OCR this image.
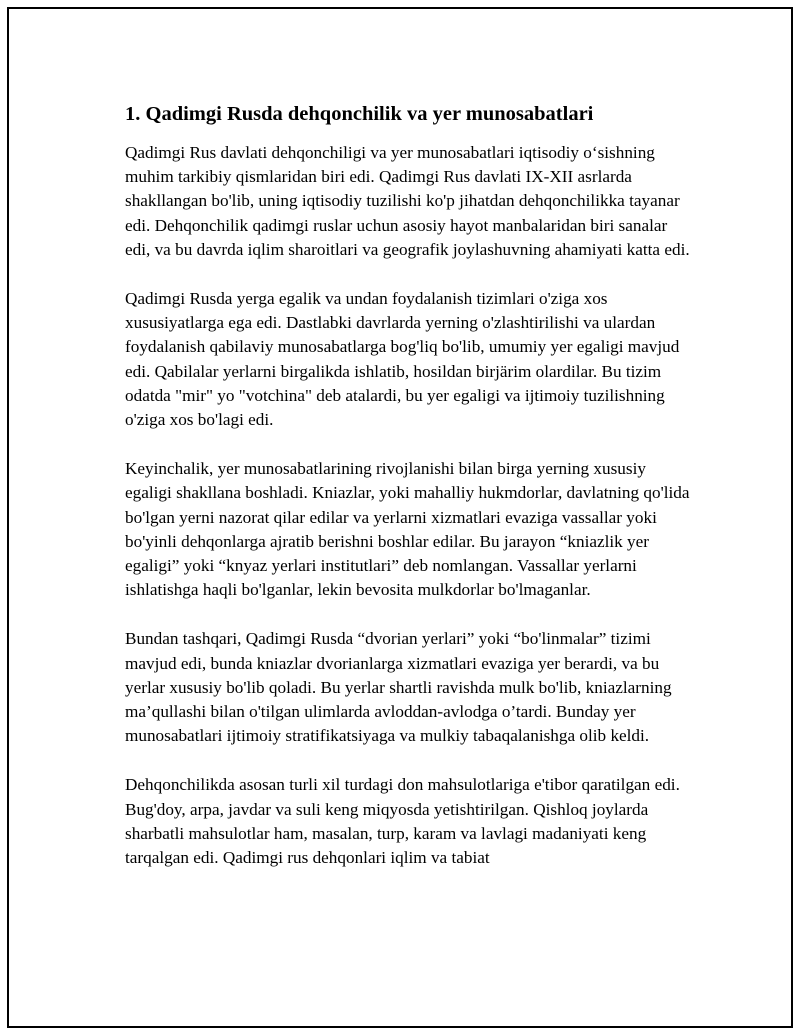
1. Qadimgi Rusda dehqonchilik va yer munosabatlari

Qadimgi Rus davlati dehqonchiligi va yer munosabatlari iqtisodiy o‘sishning muhim tarkibiy qismlaridan biri edi. Qadimgi Rus davlati IX-XII asrlarda shakllangan bo'lib, uning iqtisodiy tuzilishi ko'p jihatdan dehqonchilikka tayanar edi. Dehqonchilik qadimgi ruslar uchun asosiy hayot manbalaridan biri sanalar edi, va bu davrda iqlim sharoitlari va geografik joylashuvning ahamiyati katta edi.

Qadimgi Rusda yerga egalik va undan foydalanish tizimlari o'ziga xos xususiyatlarga ega edi. Dastlabki davrlarda yerning o'zlashtirilishi va ulardan foydalanish qabilaviy munosabatlarga bog'liq bo'lib, umumiy yer egaligi mavjud edi. Qabilalar yerlarni birgalikda ishlatib, hosildan birjärim olardilar. Bu tizim odatda "mir" yo "votchina" deb atalardi, bu yer egaligi va ijtimoiy tuzilishning o'ziga xos bo'lagi edi.

Keyinchalik, yer munosabatlarining rivojlanishi bilan birga yerning xususiy egaligi shakllana boshladi. Kniazlar, yoki mahalliy hukmdorlar, davlatning qo'lida bo'lgan yerni nazorat qilar edilar va yerlarni xizmatlari evaziga vassallar yoki bo'yinli dehqonlarga ajratib berishni boshlar edilar. Bu jarayon “kniazlik yer egaligi” yoki “knyaz yerlari institutlari” deb nomlangan. Vassallar yerlarni ishlatishga haqli bo'lganlar, lekin bevosita mulkdorlar bo'lmaganlar.

Bundan tashqari, Qadimgi Rusda “dvorian yerlari” yoki “bo'linmalar” tizimi mavjud edi, bunda kniazlar dvorianlarga xizmatlari evaziga yer berardi, va bu yerlar xususiy bo'lib qoladi. Bu yerlar shartli ravishda mulk bo'lib, kniazlarning ma’qullashi bilan o'tilgan ulimlarda avloddan-avlodga o’tardi. Bunday yer munosabatlari ijtimoiy stratifikatsiyaga va mulkiy tabaqalanishga olib keldi.

Dehqonchilikda asosan turli xil turdagi don mahsulotlariga e'tibor qaratilgan edi. Bug'doy, arpa, javdar va suli keng miqyosda yetishtirilgan. Qishloq joylarda sharbatli mahsulotlar ham, masalan, turp, karam va lavlagi madaniyati keng tarqalgan edi. Qadimgi rus dehqonlari iqlim va tabiat
